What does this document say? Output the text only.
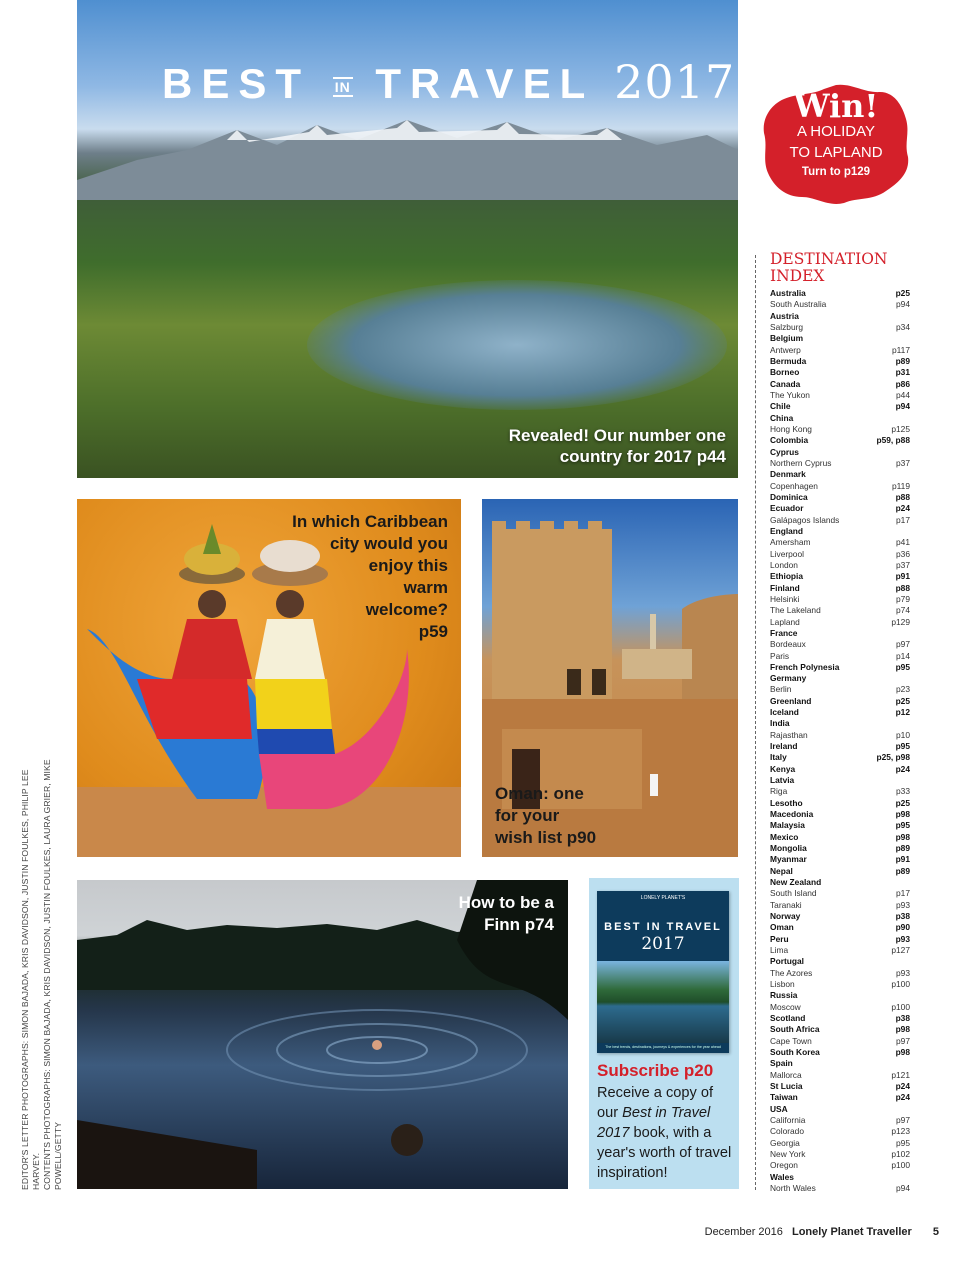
EDITOR'S LETTER PHOTOGRAPHS: SIMON BAJADA, KRIS DAVIDSON, JUSTIN FOULKES, PHILIP LEE HARVEY. CONTENTS PHOTOGRAPHS: SIMON BAJADA, KRIS DAVIDSON, JUSTIN FOULKES, LAURA GRIER, MIKE POWELL/GETTY
BEST IN TRAVEL 2017
Revealed! Our number one
country for 2017 p44
Win!
A HOLIDAY
TO LAPLAND
Turn to p129
In which Caribbean
city would you
enjoy this
warm
welcome?
p59
Oman: one
for your
wish list p90
How to be a
Finn p74
LONELY PLANET'S
BEST IN TRAVEL
2017
The best trends, destinations, journeys & experiences for the year ahead
Subscribe p20
Receive a copy of our Best in Travel 2017 book, with a year's worth of travel inspiration!
DESTINATION
INDEX
Australia	p25
South Australia	p94
Austria
Salzburg	p34
Belgium
Antwerp	p117
Bermuda	p89
Borneo	p31
Canada	p86
The Yukon	p44
Chile	p94
China
Hong Kong	p125
Colombia	p59, p88
Cyprus
Northern Cyprus	p37
Denmark
Copenhagen	p119
Dominica	p88
Ecuador	p24
Galápagos Islands	p17
England
Amersham	p41
Liverpool	p36
London	p37
Ethiopia	p91
Finland	p88
Helsinki	p79
The Lakeland	p74
Lapland	p129
France
Bordeaux	p97
Paris	p14
French Polynesia	p95
Germany
Berlin	p23
Greenland	p25
Iceland	p12
India
Rajasthan	p10
Ireland	p95
Italy	p25, p98
Kenya	p24
Latvia
Riga	p33
Lesotho	p25
Macedonia	p98
Malaysia	p95
Mexico	p98
Mongolia	p89
Myanmar	p91
Nepal	p89
New Zealand
South Island	p17
Taranaki	p93
Norway	p38
Oman	p90
Peru	p93
Lima	p127
Portugal
The Azores	p93
Lisbon	p100
Russia
Moscow	p100
Scotland	p38
South Africa	p98
Cape Town	p97
South Korea	p98
Spain
Mallorca	p121
St Lucia	p24
Taiwan	p24
USA
California	p97
Colorado	p123
Georgia	p95
New York	p102
Oregon	p100
Wales
North Wales	p94
December 2016 Lonely Planet Traveller 5
